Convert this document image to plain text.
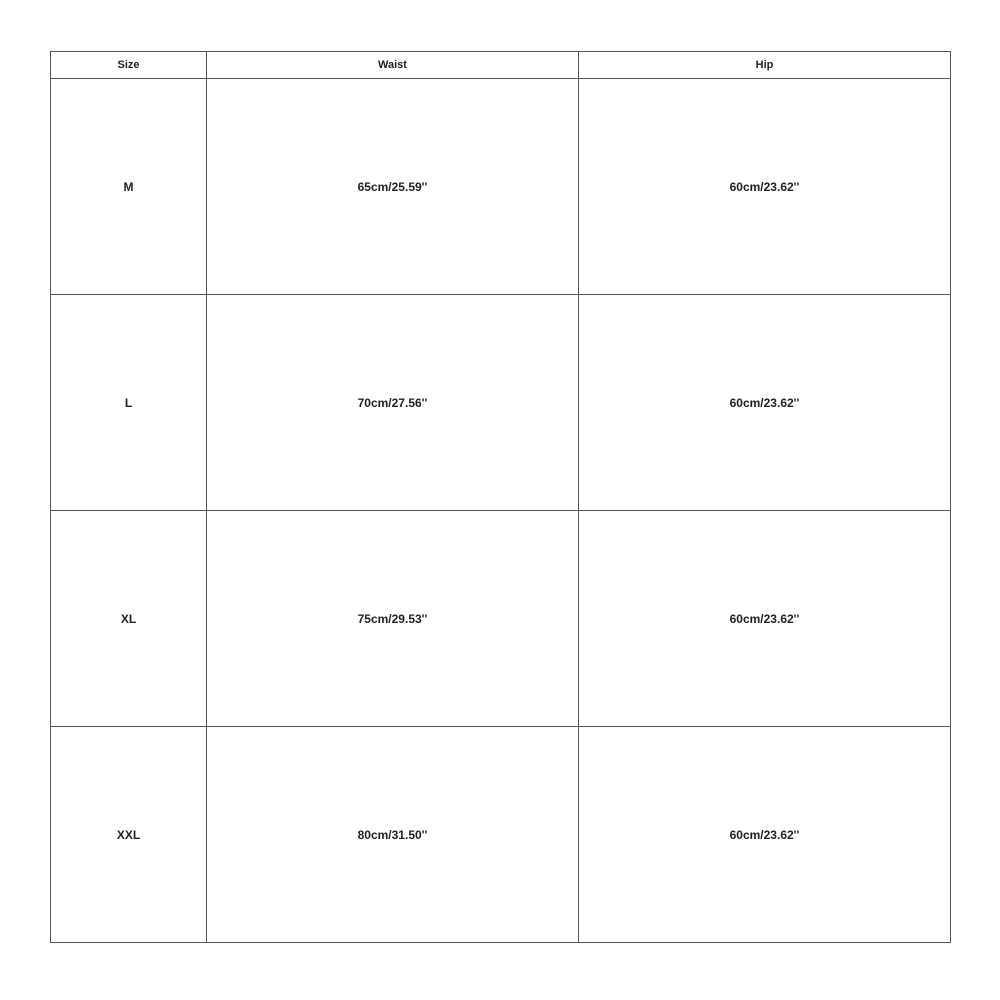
Size	Waist	Hip
M	65cm/25.59''	60cm/23.62''
L	70cm/27.56''	60cm/23.62''
XL	75cm/29.53''	60cm/23.62''
XXL	80cm/31.50''	60cm/23.62''
